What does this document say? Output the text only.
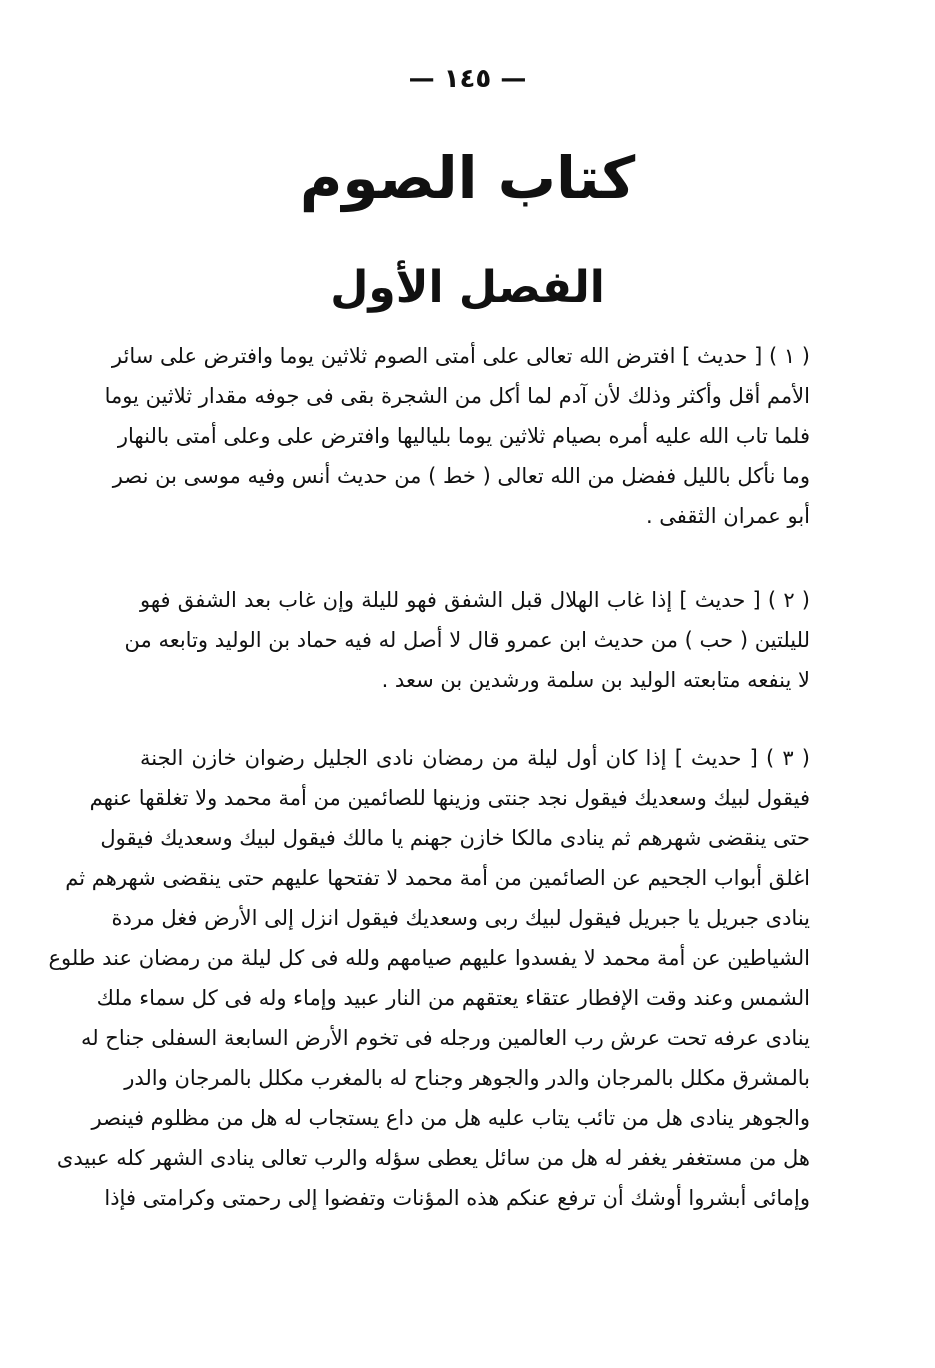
— ١٤٥ —
كتاب الصوم
الفصل الأول
( ١ ) [ حديث ] افترض الله تعالى على أمتى الصوم ثلاثين يوما وافترض على سائر
الأمم أقل وأكثر وذلك لأن آدم لما أكل من الشجرة بقى فى جوفه مقدار ثلاثين يوما
فلما تاب الله عليه أمره بصيام ثلاثين يوما بلياليها وافترض على وعلى أمتى بالنهار
وما نأكل بالليل ففضل من الله تعالى ( خط ) من حديث أنس وفيه موسى بن نصر
أبو عمران الثقفى .
( ٢ ) [ حديث ] إذا غاب الهلال قبل الشفق فهو لليلة وإن غاب بعد الشفق فهو
لليلتين ( حب ) من حديث ابن عمرو قال لا أصل له فيه حماد بن الوليد وتابعه من
لا ينفعه متابعته الوليد بن سلمة ورشدين بن سعد .
( ٣ ) [ حديث ] إذا كان أول ليلة من رمضان نادى الجليل رضوان خازن الجنة
فيقول لبيك وسعديك فيقول نجد جنتى وزينها للصائمين من أمة محمد ولا تغلقها عنهم
حتى ينقضى شهرهم ثم ينادى مالكا خازن جهنم يا مالك فيقول لبيك وسعديك فيقول
اغلق أبواب الجحيم عن الصائمين من أمة محمد لا تفتحها عليهم حتى ينقضى شهرهم ثم
ينادى جبريل يا جبريل فيقول لبيك ربى وسعديك فيقول انزل إلى الأرض فغل مردة
الشياطين عن أمة محمد لا يفسدوا عليهم صيامهم ولله فى كل ليلة من رمضان عند طلوع
الشمس وعند وقت الإفطار عتقاء يعتقهم من النار عبيد وإماء وله فى كل سماء ملك
ينادى عرفه تحت عرش رب العالمين ورجله فى تخوم الأرض السابعة السفلى جناح له
بالمشرق مكلل بالمرجان والدر والجوهر وجناح له بالمغرب مكلل بالمرجان والدر
والجوهر ينادى هل من تائب يتاب عليه هل من داع يستجاب له هل من مظلوم فينصر
هل من مستغفر يغفر له هل من سائل يعطى سؤله والرب تعالى ينادى الشهر كله عبيدى
وإمائى أبشروا أوشك أن ترفع عنكم هذه المؤنات وتفضوا إلى رحمتى وكرامتى فإذا
